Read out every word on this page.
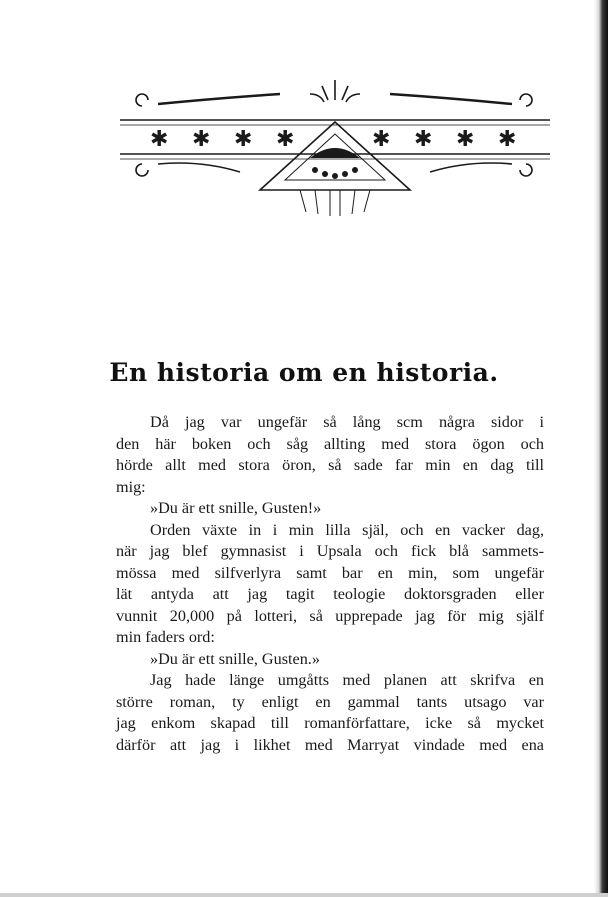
✱ ✱ ✱ ✱	✱ ✱ ✱ ✱
En historia om en historia.
Då jag var ungefär så lång scm några sidor i
den här boken och såg allting med stora ögon och
hörde allt med stora öron, så sade far min en dag till
mig:
»Du är ett snille, Gusten!»
Orden växte in i min lilla själ, och en vacker dag,
när jag blef gymnasist i Upsala och fick blå sammets-
mössa med silfverlyra samt bar en min, som ungefär
lät antyda att jag tagit teologie doktorsgraden eller
vunnit 20,000 på lotteri, så upprepade jag för mig själf
min faders ord:
»Du är ett snille, Gusten.»
Jag hade länge umgåtts med planen att skrifva en
större roman, ty enligt en gammal tants utsago var
jag enkom skapad till romanförfattare, icke så mycket
därför att jag i likhet med Marryat vindade med ena
